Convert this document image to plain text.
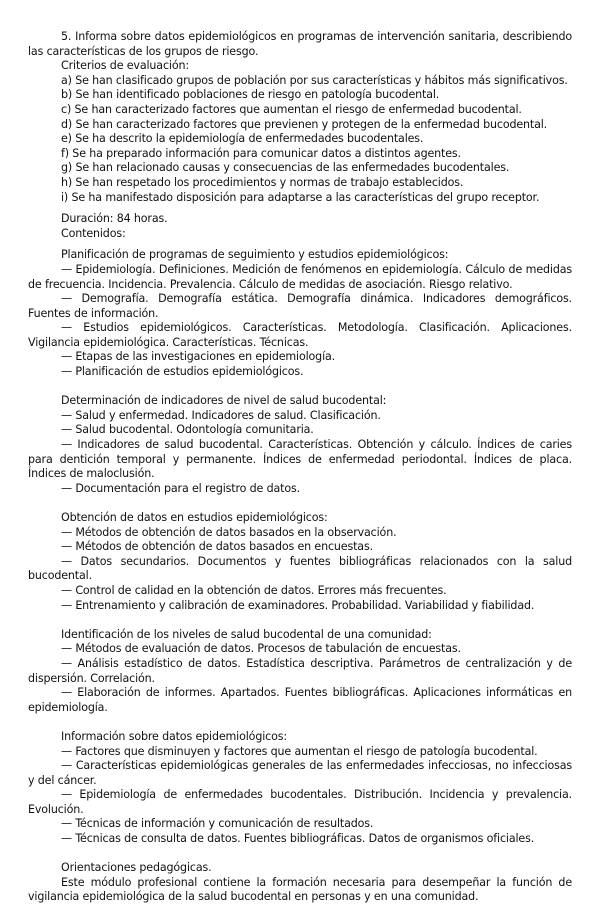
5. Informa sobre datos epidemiológicos en programas de intervención sanitaria, describiendo las características de los grupos de riesgo.

Criterios de evaluación:

a) Se han clasificado grupos de población por sus características y hábitos más significativos.

b) Se han identificado poblaciones de riesgo en patología bucodental.

c) Se han caracterizado factores que aumentan el riesgo de enfermedad bucodental.

d) Se han caracterizado factores que previenen y protegen de la enfermedad bucodental.

e) Se ha descrito la epidemiología de enfermedades bucodentales.

f) Se ha preparado información para comunicar datos a distintos agentes.

g) Se han relacionado causas y consecuencias de las enfermedades bucodentales.

h) Se han respetado los procedimientos y normas de trabajo establecidos.

i) Se ha manifestado disposición para adaptarse a las características del grupo receptor.

Duración: 84 horas.

Contenidos:

Planificación de programas de seguimiento y estudios epidemiológicos:

— Epidemiología. Definiciones. Medición de fenómenos en epidemiología. Cálculo de medidas de frecuencia. Incidencia. Prevalencia. Cálculo de medidas de asociación. Riesgo relativo.

— Demografía. Demografía estática. Demografía dinámica. Indicadores demográficos. Fuentes de información.

— Estudios epidemiológicos. Características. Metodología. Clasificación. Aplicaciones. Vigilancia epidemiológica. Características. Técnicas.

— Etapas de las investigaciones en epidemiología.

— Planificación de estudios epidemiológicos.

Determinación de indicadores de nivel de salud bucodental:

— Salud y enfermedad. Indicadores de salud. Clasificación.

— Salud bucodental. Odontología comunitaria.

— Indicadores de salud bucodental. Características. Obtención y cálculo. Índices de caries para dentición temporal y permanente. Índices de enfermedad periodontal. Índices de placa. Índices de maloclusión.

— Documentación para el registro de datos.

Obtención de datos en estudios epidemiológicos:

— Métodos de obtención de datos basados en la observación.

— Métodos de obtención de datos basados en encuestas.

— Datos secundarios. Documentos y fuentes bibliográficas relacionados con la salud bucodental.

— Control de calidad en la obtención de datos. Errores más frecuentes.

— Entrenamiento y calibración de examinadores. Probabilidad. Variabilidad y fiabilidad.

Identificación de los niveles de salud bucodental de una comunidad:

— Métodos de evaluación de datos. Procesos de tabulación de encuestas.

— Análisis estadístico de datos. Estadística descriptiva. Parámetros de centralización y de dispersión. Correlación.

— Elaboración de informes. Apartados. Fuentes bibliográficas. Aplicaciones informáticas en epidemiología.

Información sobre datos epidemiológicos:

— Factores que disminuyen y factores que aumentan el riesgo de patología bucodental.

— Características epidemiológicas generales de las enfermedades infecciosas, no infecciosas y del cáncer.

— Epidemiología de enfermedades bucodentales. Distribución. Incidencia y prevalencia. Evolución.

— Técnicas de información y comunicación de resultados.

— Técnicas de consulta de datos. Fuentes bibliográficas. Datos de organismos oficiales.

Orientaciones pedagógicas.

Este módulo profesional contiene la formación necesaria para desempeñar la función de vigilancia epidemiológica de la salud bucodental en personas y en una comunidad.
